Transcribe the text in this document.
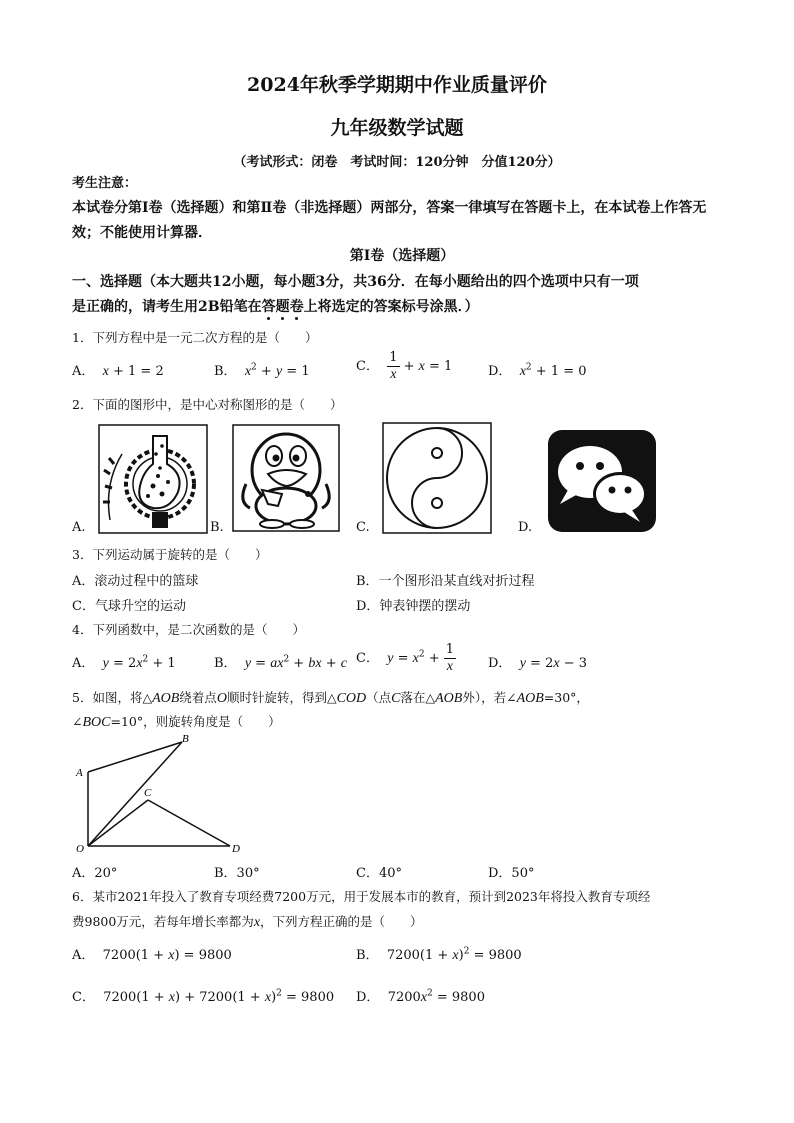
2024年秋季学期期中作业质量评价
九年级数学试题
（考试形式：闭卷　考试时间：120分钟　分值120分）
考生注意：
本试卷分第Ⅰ卷（选择题）和第Ⅱ卷（非选择题）两部分，答案一律填写在答题卡上，在本试卷上作答无效；不能使用计算器．
第Ⅰ卷（选择题）
一、选择题（本大题共12小题，每小题3分，共36分．在每小题给出的四个选项中只有一项
是正确的，请考生用2B铅笔在答题卷上将选定的答案标号涂黑．）
1．下列方程中是一元二次方程的是（　　）
A．  x + 1 = 2	B．  $x^2 + y = 1$	C． $\frac{1}{x} + x = 1$	D．  $x^2 + 1 = 0$
2．下面的图形中，是中心对称图形的是（　　）
A.	B.	C.	D.
3．下列运动属于旋转的是（　　）
A．滚动过程中的篮球	B．一个图形沿某直线对折过程
C．气球升空的运动	D．钟表钟摆的摆动
4．下列函数中，是二次函数的是（　　）
A．  $y = 2x^2 + 1$	B．  $y = ax^2$ + bx + c C．  $y = x^2 + \frac{1}{x}$ D．  y = 2x − 3
5．如图，将△AOB绕着点O顺时针旋转，得到△COD（点C落在△AOB外），若∠AOB=30°，
∠BOC=10°，则旋转角度是（　　）
A
B
C
O	D
A．20°	B．30°	C．40°	D．50°
6．某市2021年投入了教育专项经费7200万元，用于发展本市的教育，预计到2023年将投入教育专项经
费9800万元，若每年增长率都为x，下列方程正确的是（　　）
A．  7200(1 + x) = 9800	B．  $7200(1 + x)^2 = 9800$
C．  $7200(1 + x) + 7200(1 + x)^2 = 9800$ D．  $7200x^2 = 9800$
